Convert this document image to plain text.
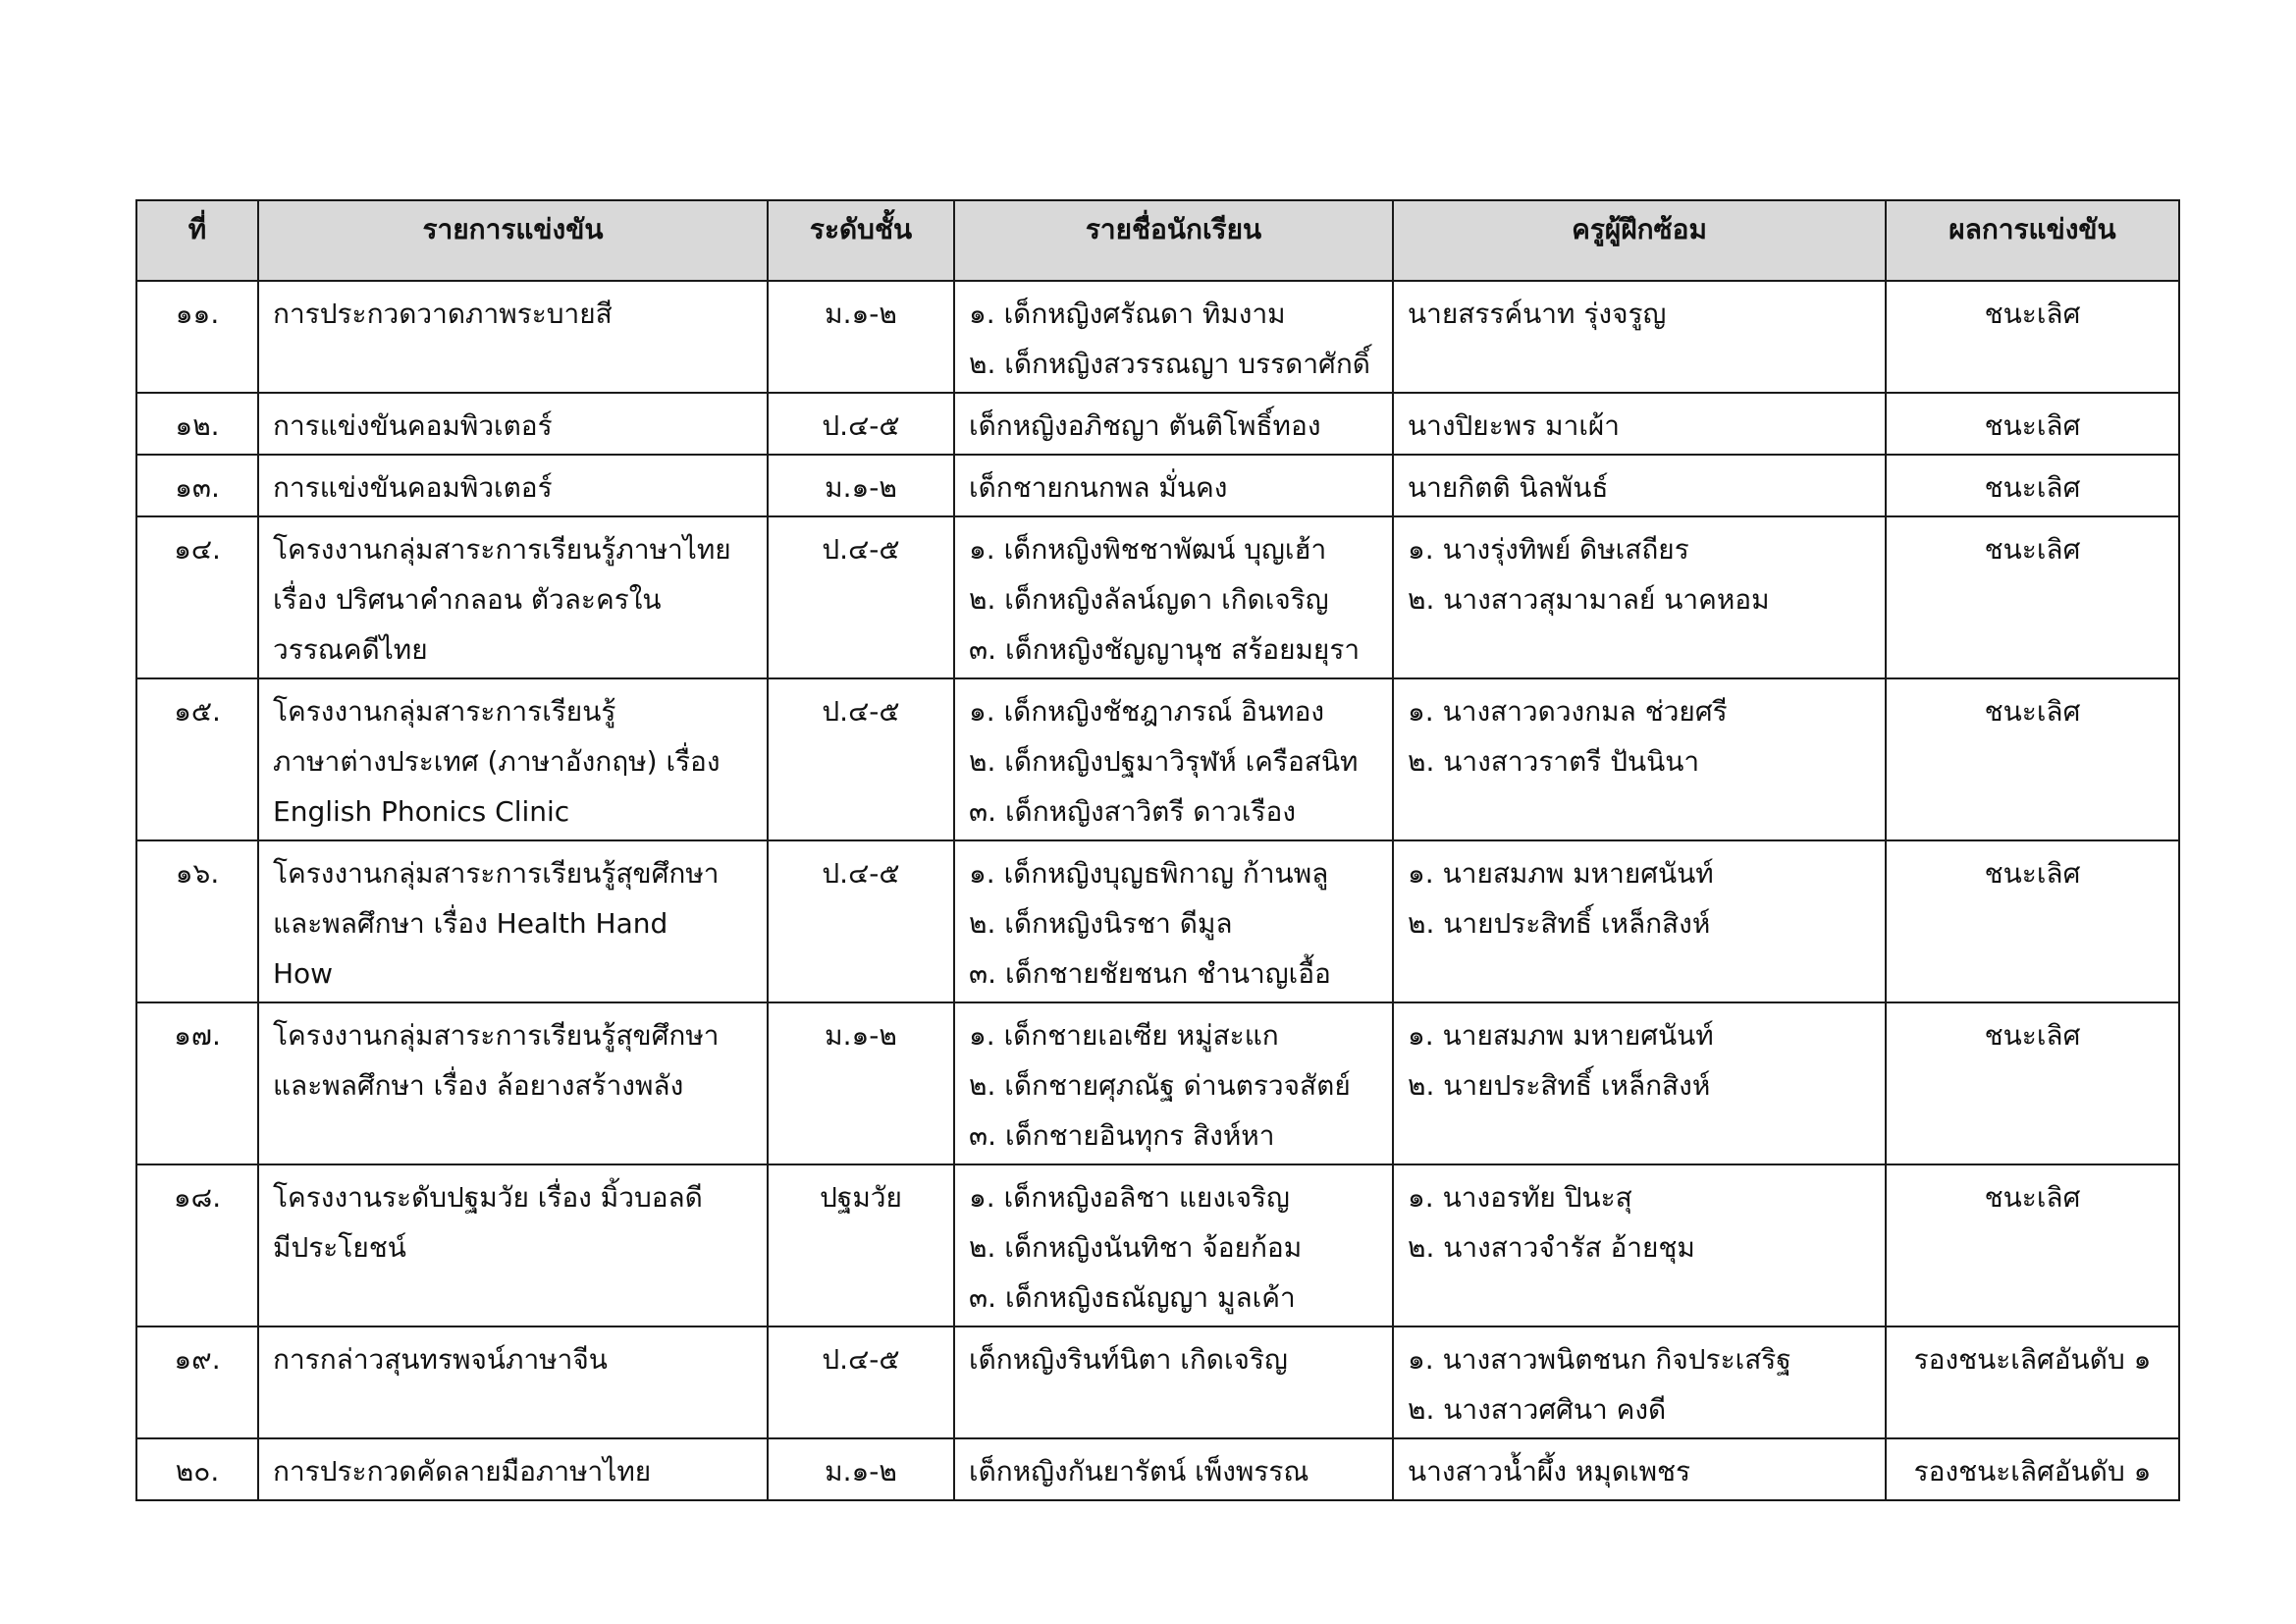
ที่	รายการแข่งขัน	ระดับชั้น	รายชื่อนักเรียน	ครูผู้ฝึกซ้อม	ผลการแข่งขัน

๑๑.	การประกวดวาดภาพระบายสี	ม.๑-๒	๑. เด็กหญิงศรัณดา ทิมงาม
๒. เด็กหญิงสวรรณญา บรรดาศักดิ์	นายสรรค์นาท รุ่งจรูญ	ชนะเลิศ

๑๒.	การแข่งขันคอมพิวเตอร์	ป.๔-๕	เด็กหญิงอภิชญา ตันติโพธิ์ทอง	นางปิยะพร มาเผ้า	ชนะเลิศ

๑๓.	การแข่งขันคอมพิวเตอร์	ม.๑-๒	เด็กชายกนกพล มั่นคง	นายกิตติ นิลพันธ์	ชนะเลิศ

๑๔.	โครงงานกลุ่มสาระการเรียนรู้ภาษาไทย
เรื่อง ปริศนาคำกลอน ตัวละครใน
วรรณคดีไทย	ป.๔-๕	๑. เด็กหญิงพิชชาพัฒน์ บุญเฮ้า
๒. เด็กหญิงลัลน์ญดา เกิดเจริญ
๓. เด็กหญิงชัญญานุช สร้อยมยุรา	๑. นางรุ่งทิพย์ ดิษเสถียร
๒. นางสาวสุมามาลย์ นาคหอม	ชนะเลิศ

๑๕.	โครงงานกลุ่มสาระการเรียนรู้
ภาษาต่างประเทศ (ภาษาอังกฤษ) เรื่อง
English Phonics Clinic	ป.๔-๕	๑. เด็กหญิงชัชฎาภรณ์ อินทอง
๒. เด็กหญิงปฐมาวิรุฬห์ เครือสนิท
๓. เด็กหญิงสาวิตรี ดาวเรือง	๑. นางสาวดวงกมล ช่วยศรี
๒. นางสาวราตรี ปันนินา	ชนะเลิศ

๑๖.	โครงงานกลุ่มสาระการเรียนรู้สุขศึกษา
และพลศึกษา เรื่อง Health Hand
How	ป.๔-๕	๑. เด็กหญิงบุญธพิกาญ ก้านพลู
๒. เด็กหญิงนิรชา ดีมูล
๓. เด็กชายชัยชนก ชำนาญเอื้อ	๑. นายสมภพ มหายศนันท์
๒. นายประสิทธิ์ เหล็กสิงห์	ชนะเลิศ

๑๗.	โครงงานกลุ่มสาระการเรียนรู้สุขศึกษา
และพลศึกษา เรื่อง ล้อยางสร้างพลัง	ม.๑-๒	๑. เด็กชายเอเซีย หมู่สะแก
๒. เด็กชายศุภณัฐ ด่านตรวจสัตย์
๓. เด็กชายอินทุกร สิงห์หา	๑. นายสมภพ มหายศนันท์
๒. นายประสิทธิ์ เหล็กสิงห์	ชนะเลิศ

๑๘.	โครงงานระดับปฐมวัย เรื่อง มิ้วบอลดี
มีประโยชน์	ปฐมวัย	๑. เด็กหญิงอลิชา แยงเจริญ
๒. เด็กหญิงนันทิชา จ้อยก้อม
๓. เด็กหญิงธณัญญา มูลเค้า	๑. นางอรทัย ปินะสุ
๒. นางสาวจำรัส อ้ายชุม	ชนะเลิศ

๑๙.	การกล่าวสุนทรพจน์ภาษาจีน	ป.๔-๕	เด็กหญิงรินท์นิตา เกิดเจริญ	๑. นางสาวพนิตชนก กิจประเสริฐ
๒. นางสาวศศินา คงดี	รองชนะเลิศอันดับ ๑

๒๐.	การประกวดคัดลายมือภาษาไทย	ม.๑-๒	เด็กหญิงกันยารัตน์ เพ็งพรรณ	นางสาวน้ำผึ้ง หมุดเพชร	รองชนะเลิศอันดับ ๑
